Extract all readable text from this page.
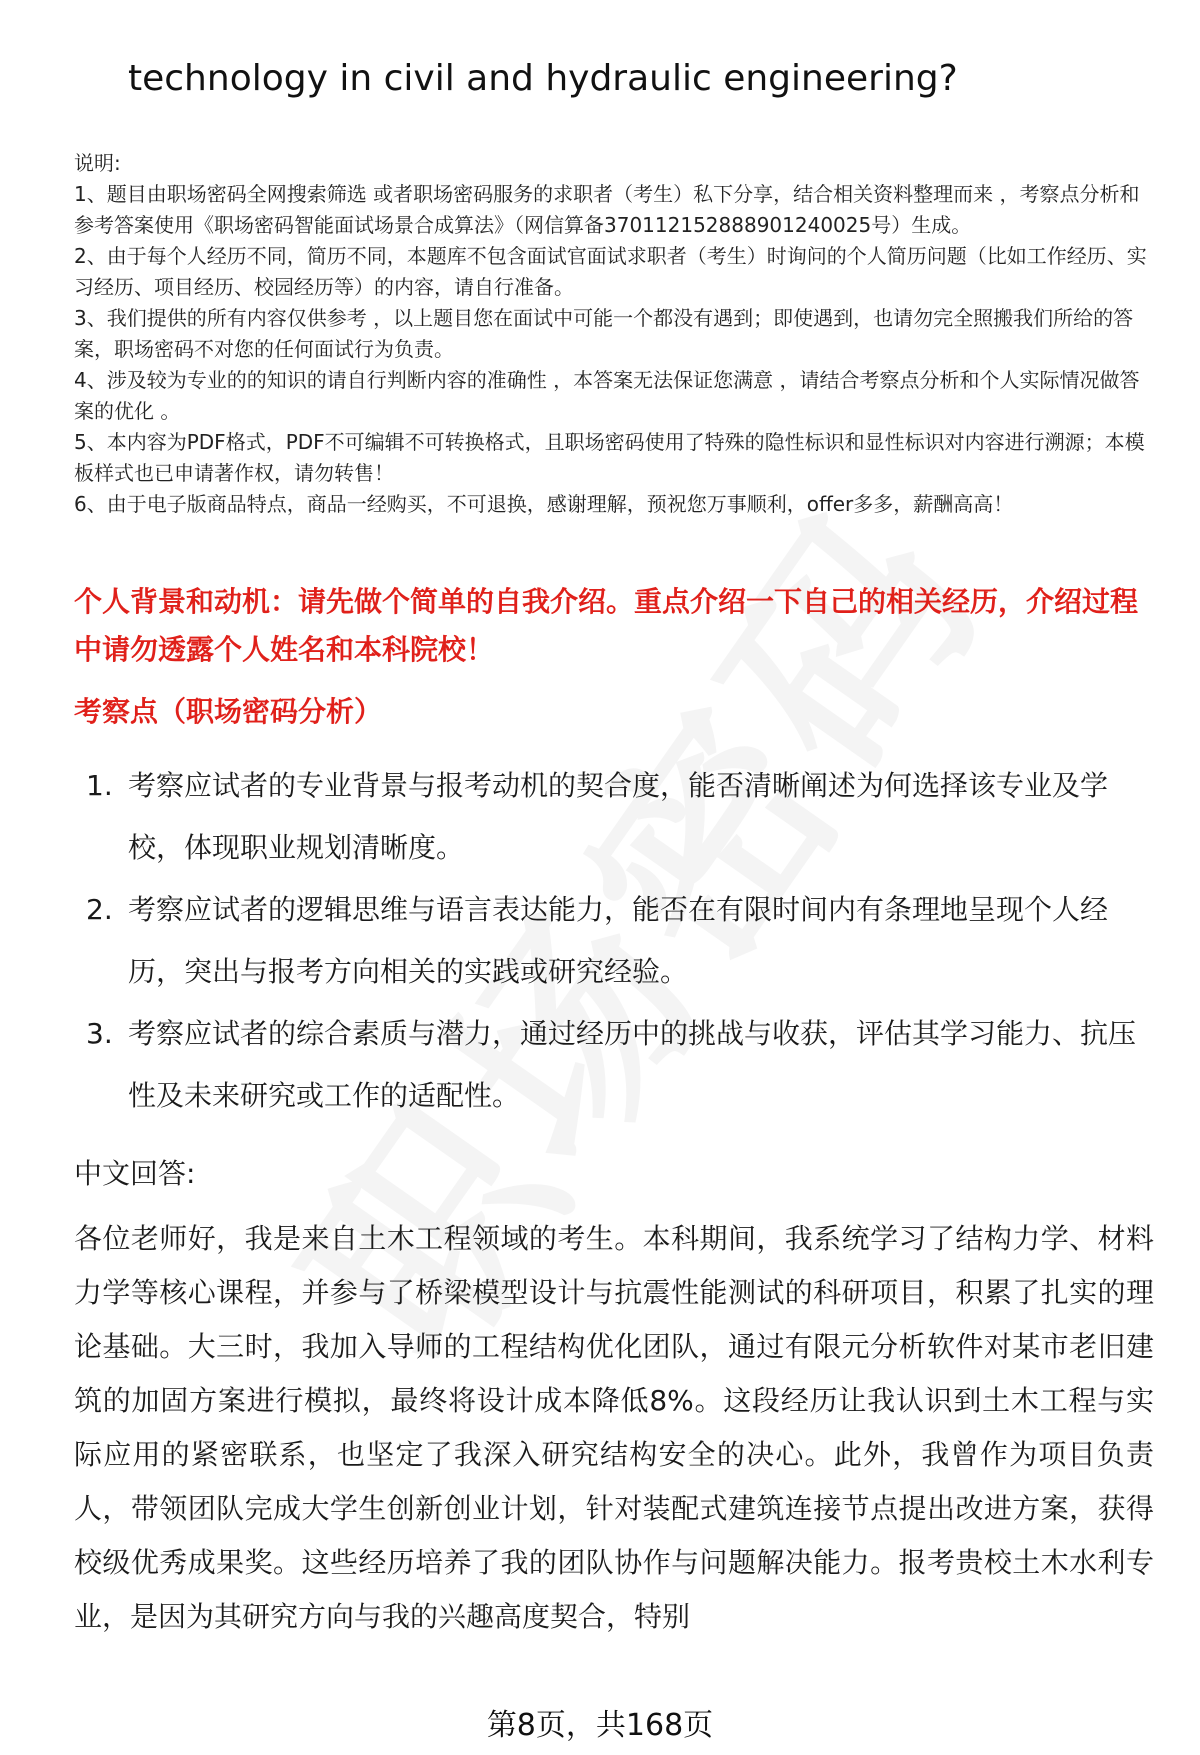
technology in civil and hydraulic engineering?

说明:

1、题目由职场密码全网搜索筛选 或者职场密码服务的求职者（考生）私下分享，结合相关资料整理而来 ，考察点分析和参考答案使用《职场密码智能面试场景合成算法》（网信算备370112152888901240025号）生成。

2、由于每个人经历不同，简历不同，本题库不包含面试官面试求职者（考生）时询问的个人简历问题（比如工作经历、实习经历、项目经历、校园经历等）的内容，请自行准备。

3、我们提供的所有内容仅供参考 ，以上题目您在面试中可能一个都没有遇到；即使遇到，也请勿完全照搬我们所给的答案，职场密码不对您的任何面试行为负责。

4、涉及较为专业的的知识的请自行判断内容的准确性 ，本答案无法保证您满意 ，请结合考察点分析和个人实际情况做答案的优化 。

5、本内容为PDF格式，PDF不可编辑不可转换格式，且职场密码使用了特殊的隐性标识和显性标识对内容进行溯源；本模板样式也已申请著作权，请勿转售！

6、由于电子版商品特点，商品一经购买，不可退换，感谢理解，预祝您万事顺利，offer多多，薪酬高高！

个人背景和动机：请先做个简单的自我介绍。重点介绍一下自己的相关经历，介绍过程中请勿透露个人姓名和本科院校！
考察点（职场密码分析）
1. 考察应试者的专业背景与报考动机的契合度，能否清晰阐述为何选择该专业及学校，体现职业规划清晰度。
2. 考察应试者的逻辑思维与语言表达能力，能否在有限时间内有条理地呈现个人经历，突出与报考方向相关的实践或研究经验。
3. 考察应试者的综合素质与潜力，通过经历中的挑战与收获，评估其学习能力、抗压性及未来研究或工作的适配性。
中文回答:
各位老师好，我是来自土木工程领域的考生。本科期间，我系统学习了结构力学、材料力学等核心课程，并参与了桥梁模型设计与抗震性能测试的科研项目，积累了扎实的理论基础。大三时，我加入导师的工程结构优化团队，通过有限元分析软件对某市老旧建筑的加固方案进行模拟，最终将设计成本降低8%。这段经历让我认识到土木工程与实际应用的紧密联系，也坚定了我深入研究结构安全的决心。此外，我曾作为项目负责人，带领团队完成大学生创新创业计划，针对装配式建筑连接节点提出改进方案，获得校级优秀成果奖。这些经历培养了我的团队协作与问题解决能力。报考贵校土木水利专业，是因为其研究方向与我的兴趣高度契合，特别
第8页，共168页
